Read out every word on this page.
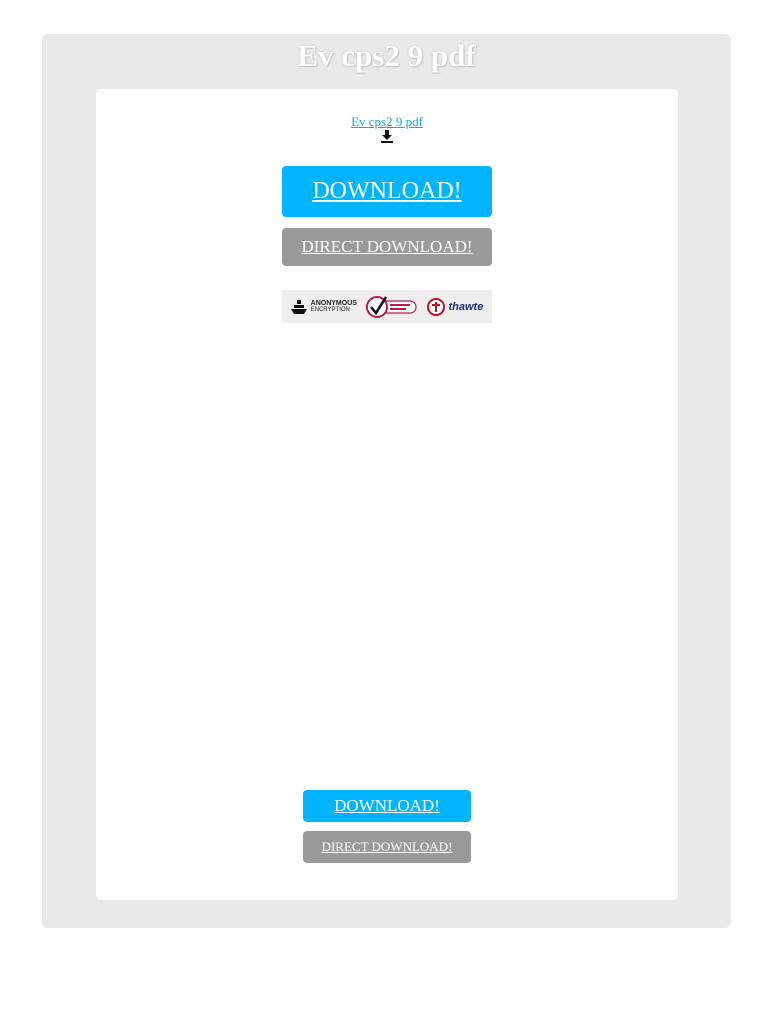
Ev cps2 9 pdf
Ev cps2 9 pdf
DOWNLOAD!
DIRECT DOWNLOAD!
ANONYMOUS
ENCRYPTION	thawte
DOWNLOAD!
DIRECT DOWNLOAD!
